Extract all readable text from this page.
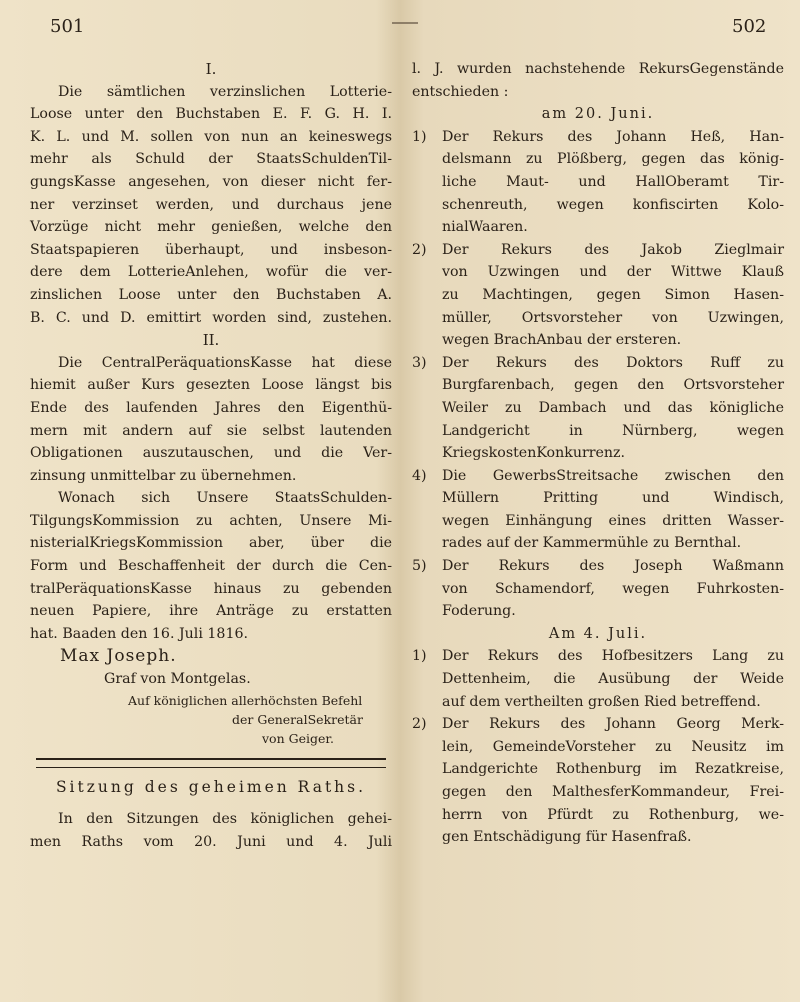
501	502
I.
Die sämtlichen verzinslichen Lotterie-
Loose unter den Buchstaben E. F. G. H. I.
K. L. und M. sollen von nun an keineswegs
mehr als Schuld der StaatsSchuldenTil-
gungsKasse angesehen, von dieser nicht fer-
ner verzinset werden, und durchaus jene
Vorzüge nicht mehr genießen, welche den
Staatspapieren überhaupt, und insbeson-
dere dem LotterieAnlehen, wofür die ver-
zinslichen Loose unter den Buchstaben A.
B. C. und D. emittirt worden sind, zustehen.
II.
Die CentralPeräquationsKasse hat diese
hiemit außer Kurs gesezten Loose längst bis
Ende des laufenden Jahres den Eigenthü-
mern mit andern auf sie selbst lautenden
Obligationen auszutauschen, und die Ver-
zinsung unmittelbar zu übernehmen.
Wonach sich Unsere StaatsSchulden-
TilgungsKommission zu achten, Unsere Mi-
nisterialKriegsKommission aber, über die
Form und Beschaffenheit der durch die Cen-
tralPeräquationsKasse hinaus zu gebenden
neuen Papiere, ihre Anträge zu erstatten
hat. Baaden den 16. Juli 1816.
Max Joseph.
Graf von Montgelas.
Auf königlichen allerhöchsten Befehl
der GeneralSekretär
von Geiger.
Sitzung des geheimen Raths.
In den Sitzungen des königlichen gehei-
men Raths vom 20. Juni und 4. Juli
l. J. wurden nachstehende RekursGegenstände
entschieden :
am 20. Juni.
1) Der Rekurs des Johann Heß, Han-
delsmann zu Plößberg, gegen das könig-
liche Maut- und HallOberamt Tir-
schenreuth, wegen konfiscirten Kolo-
nialWaaren.
2) Der Rekurs des Jakob Zieglmair
von Uzwingen und der Wittwe Klauß
zu Machtingen, gegen Simon Hasen-
müller, Ortsvorsteher von Uzwingen,
wegen BrachAnbau der ersteren.
3) Der Rekurs des Doktors Ruff zu
Burgfarenbach, gegen den Ortsvorsteher
Weiler zu Dambach und das königliche
Landgericht in Nürnberg, wegen
KriegskostenKonkurrenz.
4) Die GewerbsStreitsache zwischen den
Müllern Pritting und Windisch,
wegen Einhängung eines dritten Wasser-
rades auf der Kammermühle zu Bernthal.
5) Der Rekurs des Joseph Waßmann
von Schamendorf, wegen Fuhrkosten-
Foderung.
Am 4. Juli.
1) Der Rekurs des Hofbesitzers Lang zu
Dettenheim, die Ausübung der Weide
auf dem vertheilten großen Ried betreffend.
2) Der Rekurs des Johann Georg Merk-
lein, GemeindeVorsteher zu Neusitz im
Landgerichte Rothenburg im Rezatkreise,
gegen den MalthesferKommandeur, Frei-
herrn von Pfürdt zu Rothenburg, we-
gen Entschädigung für Hasenfraß.
